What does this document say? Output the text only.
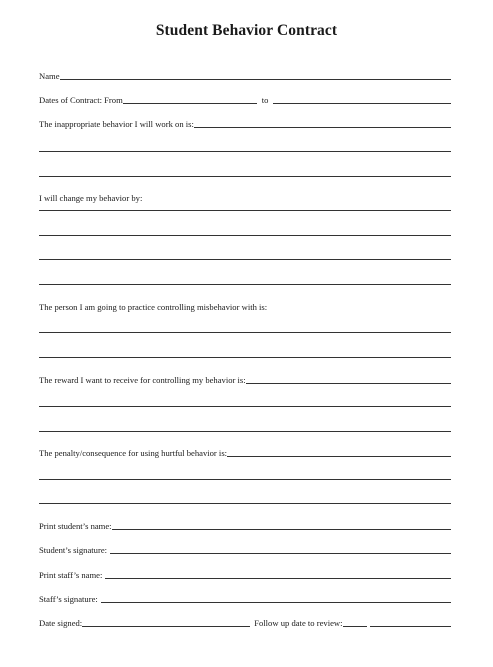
Student Behavior Contract
Name
Dates of Contract: From	to
The inappropriate behavior I will work on is:
I will change my behavior by:
The person I am going to practice controlling misbehavior with is:
The reward I want to receive for controlling my behavior is:
The penalty/consequence for using hurtful behavior is:
Print student’s name:
Student’s signature:
Print staff’s name:
Staff’s signature:
Date signed:	Follow up date to review:
